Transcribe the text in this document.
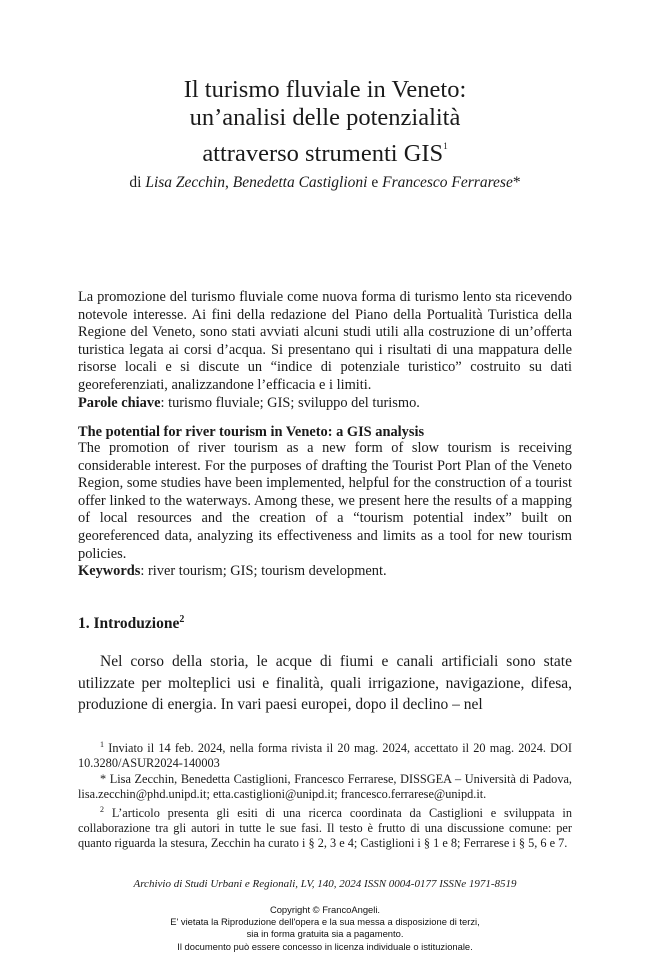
Il turismo fluviale in Veneto:
un’analisi delle potenzialità
attraverso strumenti GIS$^1$
di Lisa Zecchin, Benedetta Castiglioni e Francesco Ferrarese*
La promozione del turismo fluviale come nuova forma di turismo lento sta ricevendo notevole interesse. Ai fini della redazione del Piano della Portualità Turistica della Regione del Veneto, sono stati avviati alcuni studi utili alla costruzione di un’offerta turistica legata ai corsi d’acqua. Si presentano qui i risultati di una mappatura delle risorse locali e si discute un “indice di potenziale turistico” costruito su dati georeferenziati, analizzandone l’efficacia e i limiti.
Parole chiave: turismo fluviale; GIS; sviluppo del turismo.
The potential for river tourism in Veneto: a GIS analysis
The promotion of river tourism as a new form of slow tourism is receiving considerable interest. For the purposes of drafting the Tourist Port Plan of the Veneto Region, some studies have been implemented, helpful for the construction of a tourist offer linked to the waterways. Among these, we present here the results of a mapping of local resources and the creation of a “tourism potential index” built on georeferenced data, analyzing its effectiveness and limits as a tool for new tourism policies.
Keywords: river tourism; GIS; tourism development.
1. Introduzione$^2$
Nel corso della storia, le acque di fiumi e canali artificiali sono state utilizzate per molteplici usi e finalità, quali irrigazione, navigazione, difesa, produzione di energia. In vari paesi europei, dopo il declino – nel

$^1$ Inviato il 14 feb. 2024, nella forma rivista il 20 mag. 2024, accettato il 20 mag. 2024. DOI 10.3280/ASUR2024-140003

* Lisa Zecchin, Benedetta Castiglioni, Francesco Ferrarese, DISSGEA – Università di Padova, lisa.zecchin@phd.unipd.it; etta.castiglioni@unipd.it; francesco.ferrarese@unipd.it.

$^2$ L’articolo presenta gli esiti di una ricerca coordinata da Castiglioni e sviluppata in collaborazione tra gli autori in tutte le sue fasi. Il testo è frutto di una discussione comune: per quanto riguarda la stesura, Zecchin ha curato i § 2, 3 e 4; Castiglioni i § 1 e 8; Ferrarese i § 5, 6 e 7.

Archivio di Studi Urbani e Regionali, LV, 140, 2024 ISSN 0004-0177 ISSNe 1971-8519
Copyright © FrancoAngeli.
E' vietata la Riproduzione dell'opera e la sua messa a disposizione di terzi,
sia in forma gratuita sia a pagamento.
Il documento può essere concesso in licenza individuale o istituzionale.
